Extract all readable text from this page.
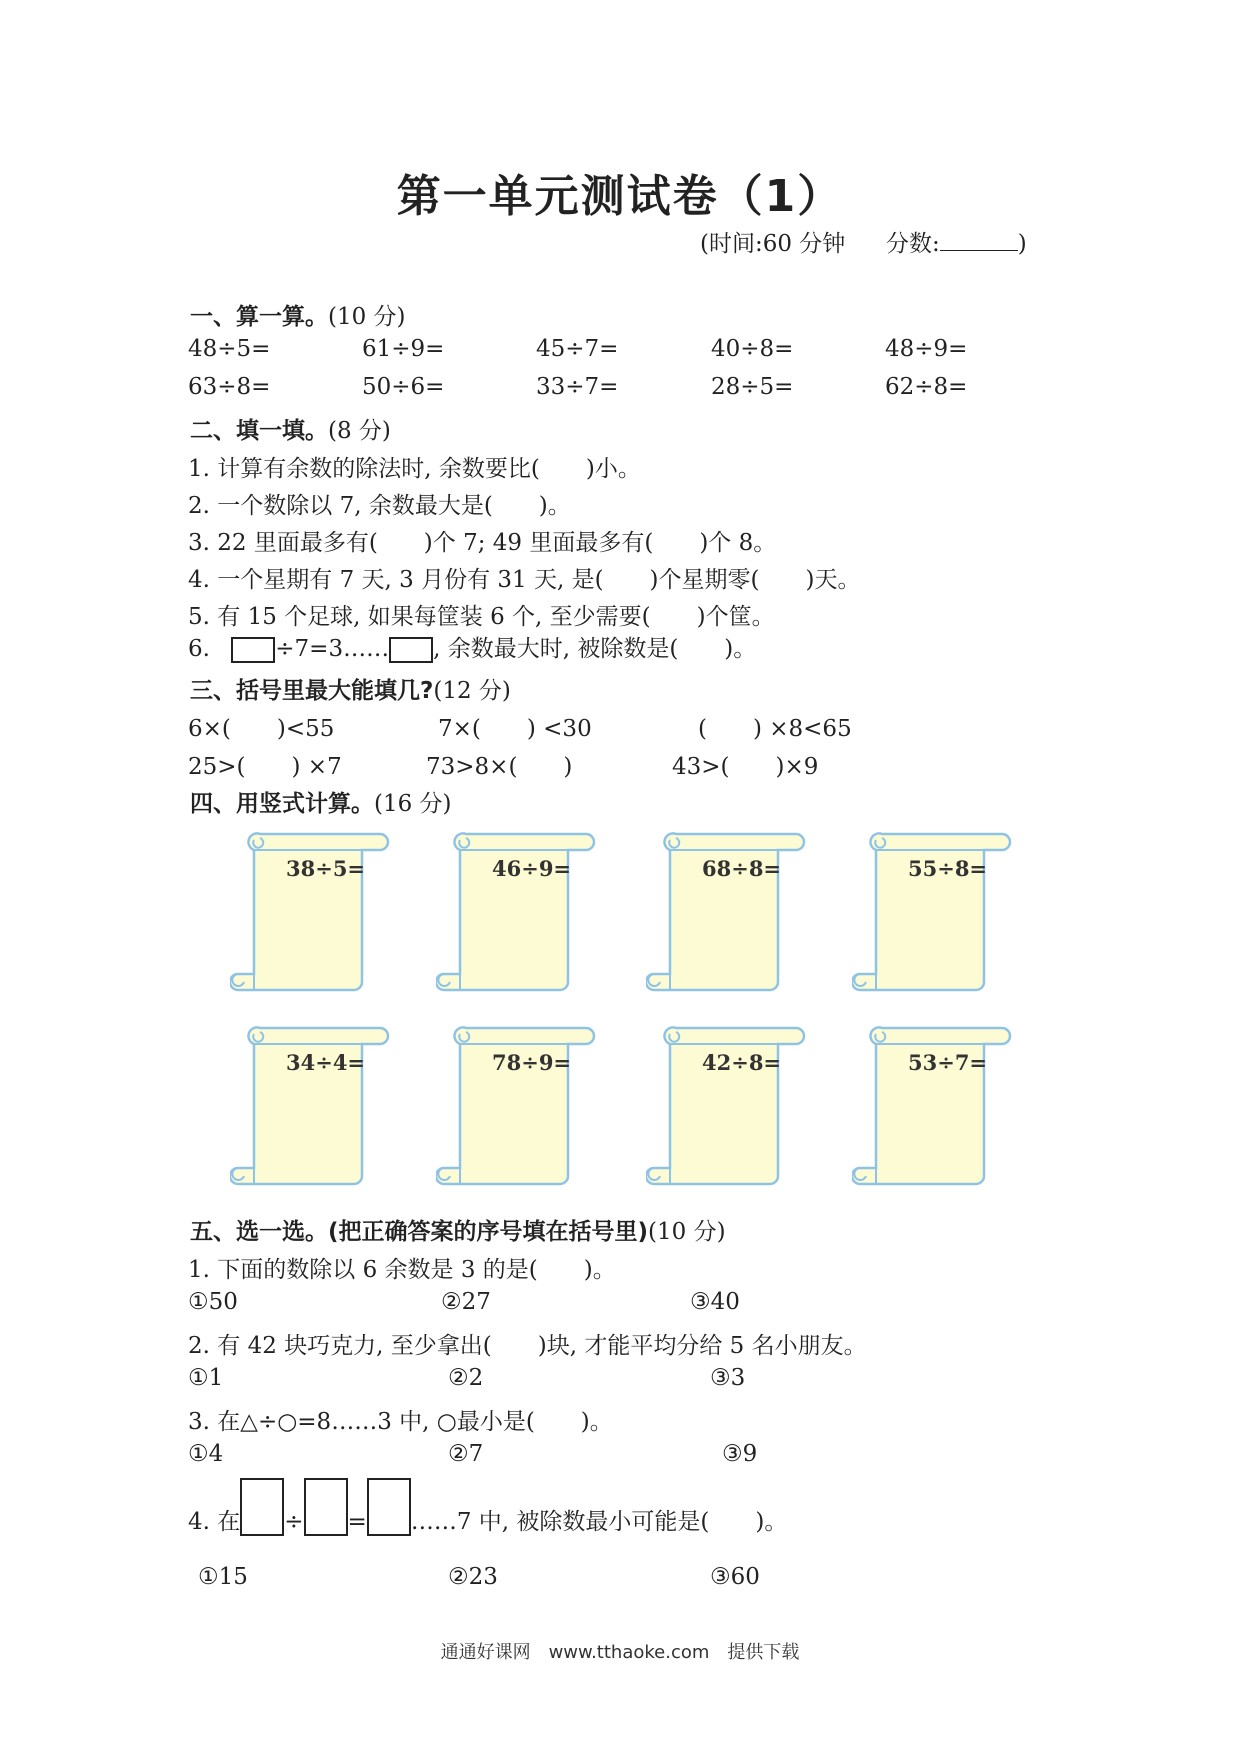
第一单元测试卷（1）
(时间:60 分钟 分数:	)
一、算一算。(10 分)
48÷5=	61÷9=	45÷7=	40÷8=	48÷9=
63÷8=	50÷6=	33÷7=	28÷5=	62÷8=
二、填一填。(8 分)
1. 计算有余数的除法时, 余数要比(　　)小。
2. 一个数除以 7, 余数最大是(　　)。
3. 22 里面最多有(　　)个 7; 49 里面最多有(　　)个 8。
4. 一个星期有 7 天, 3 月份有 31 天, 是(　　)个星期零(　　)天。
5. 有 15 个足球, 如果每筐装 6 个, 至少需要(　　)个筐。
6.	÷7=3…… , 余数最大时, 被除数是(　　)。
三、括号里最大能填几?(12 分)
6×(　　)<55	7×(　　) <30	(　　) ×8<65
25>(　　) ×7	73>8×(　　)	43>(　　)×9
四、用竖式计算。(16 分)
38÷5=	46÷9=	68÷8=	55÷8=
34÷4=	78÷9=	42÷8=	53÷7=
五、选一选。(把正确答案的序号填在括号里)(10 分)
1. 下面的数除以 6 余数是 3 的是(　　)。
①50	②27	③40
2. 有 42 块巧克力, 至少拿出(　　)块, 才能平均分给 5 名小朋友。
①1	②2	③3
3. 在△÷○=8……3 中, ○最小是(　　)。
①4	②7	③9
4. 在 ÷ = ……7 中, 被除数最小可能是(　　)。
①15	②23	③60
通通好课网　www.tthaoke.com　提供下载
